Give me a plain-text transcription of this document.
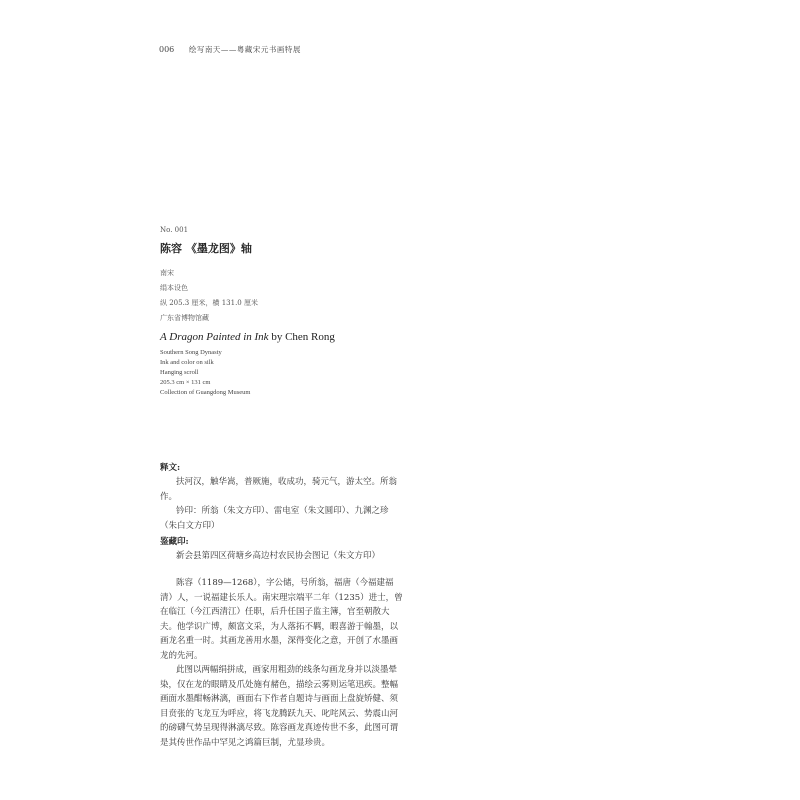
006 绘写南天——粤藏宋元书画特展
No. 001
陈容 《墨龙图》轴
南宋
绢本设色
纵 205.3 厘米，横 131.0 厘米
广东省博物馆藏
A Dragon Painted in Ink by Chen Rong
Southern Song Dynasty
Ink and color on silk
Hanging scroll
205.3 cm × 131 cm
Collection of Guangdong Museum
释文:

扶河汉，触华嵩，普厥施，收成功，骑元气，游太空。所翁作。

钤印：所翁（朱文方印）、雷电室（朱文圆印）、九渊之珍（朱白文方印）

鉴藏印:

新会县第四区荷塘乡高边村农民协会图记（朱文方印）

陈容（1189—1268），字公储，号所翁，福唐（今福建福清）人，一说福建长乐人。南宋理宗端平二年（1235）进士，曾在临江（今江西清江）任职，后升任国子监主簿，官至朝散大夫。他学识广博，颇富文采，为人落拓不羁，暇喜游于翰墨，以画龙名重一时。其画龙善用水墨，深得变化之意，开创了水墨画龙的先河。

此图以两幅绢拼成，画家用粗劲的线条勾画龙身并以淡墨晕染，仅在龙的眼睛及爪处施有赭色，描绘云雾则运笔迅疾。整幅画面水墨酣畅淋漓，画面右下作者自题诗与画面上盘旋矫健、须目贲张的飞龙互为呼应，将飞龙腾跃九天、叱咤风云、势震山河的磅礴气势呈现得淋漓尽致。陈容画龙真迹传世不多，此图可谓是其传世作品中罕见之鸿篇巨制，尤显珍贵。
